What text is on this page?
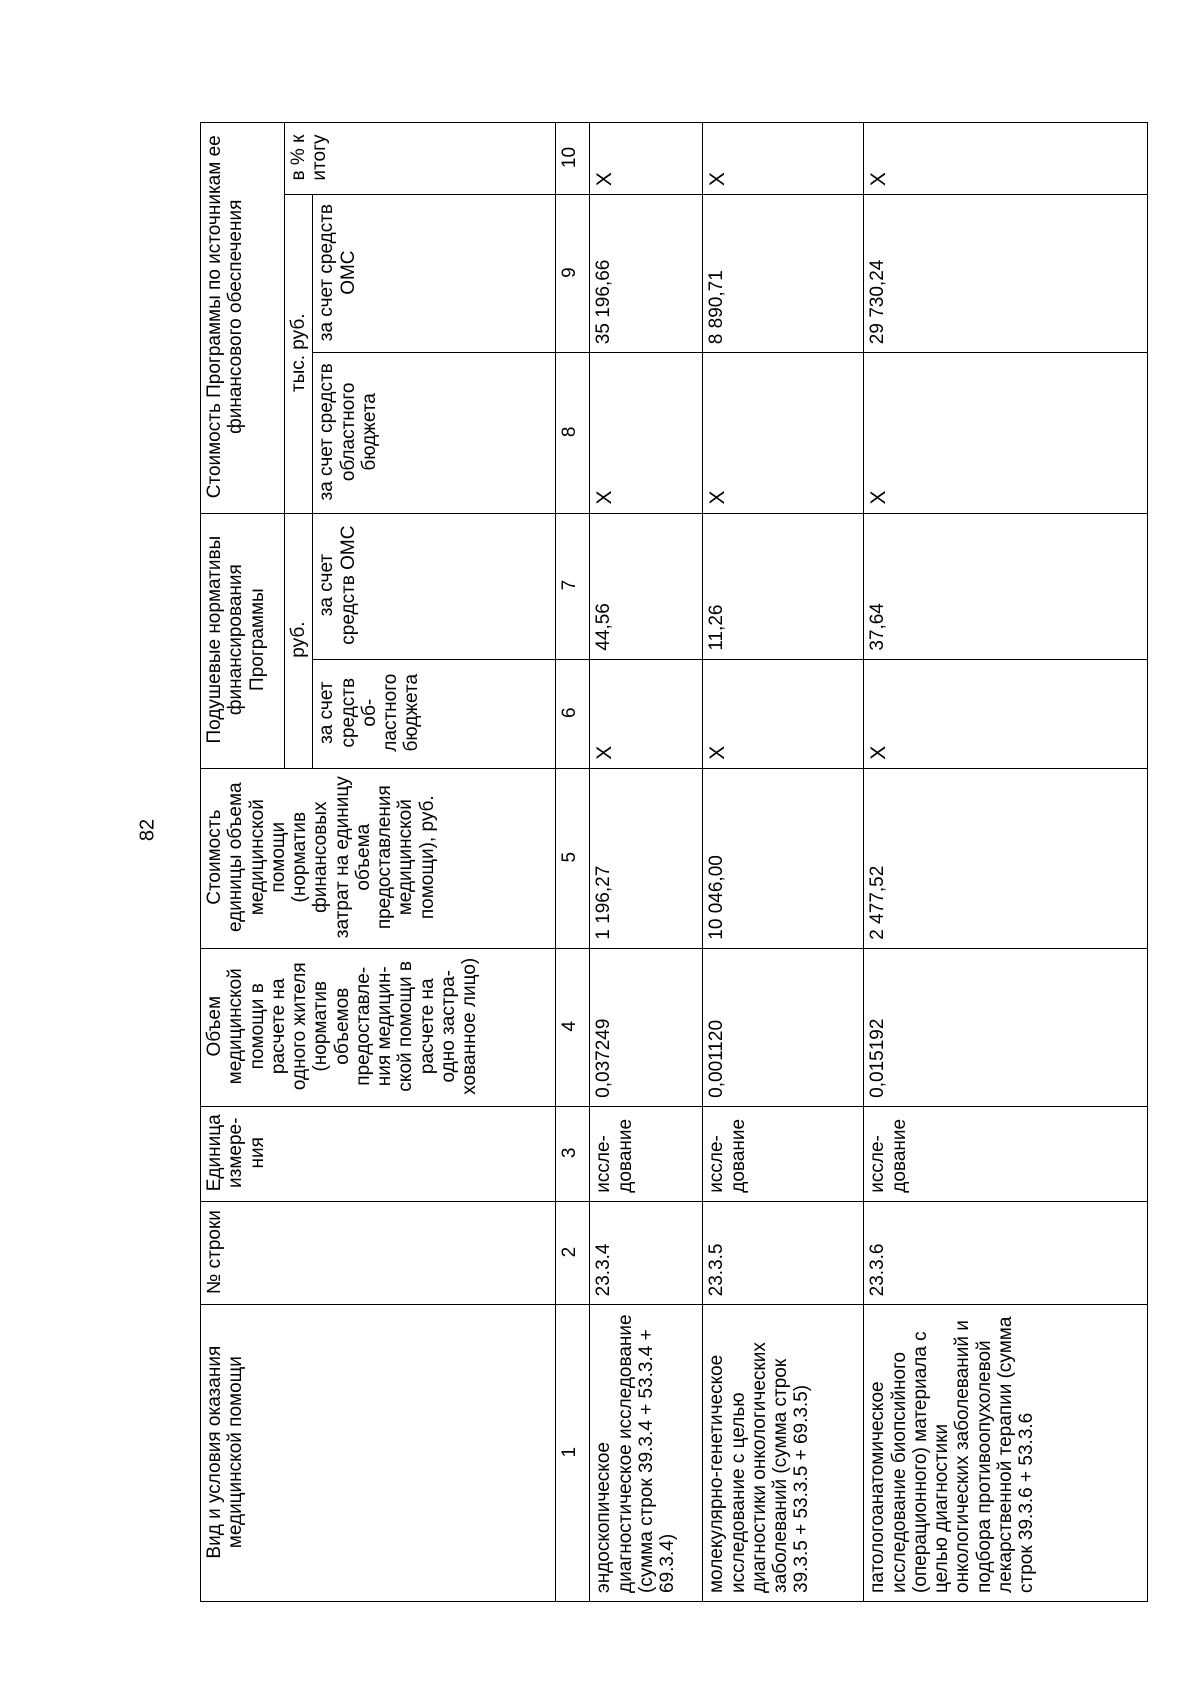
82
Вид и условия оказания медицинской помощи	№ строки	Единица измере-ния	Объем медицинской помощи в расчете на одного жителя (норматив объемов предоставле-ния медицин-ской помощи в расчете на одно застра-хованное лицо)	Стоимость единицы объема медицинской помощи (норматив финансовых затрат на единицу объема предоставления медицинской помощи), руб.	Подушевые нормативы финансирования Программы		Стоимость Программы по источникам ее финансового обеспечения		
					руб.		тыс. руб.		в % к итогу
					за счет средств об-ластного бюджета	за счет средств ОМС	за счет средств областного бюджета	за счет средств ОМС	
1	2	3	4	5	6	7	8	9	10
эндоскопическое диагностическое исследование (сумма строк 39.3.4 + 53.3.4 + 69.3.4)	23.3.4	иссле-дование	0,037249	1 196,27	X	44,56	X	35 196,66	X
молекулярно-генетическое исследование с целью диагностики онкологических заболеваний (сумма строк 39.3.5 + 53.3.5 + 69.3.5)	23.3.5	иссле-дование	0,001120	10 046,00	X	11,26	X	8 890,71	X
патологоанатомическое исследование биопсийного (операционного) материала с целью диагностики онкологических заболеваний и подбора противоопухолевой лекарственной терапии (сумма строк 39.3.6 + 53.3.6	23.3.6	иссле-дование	0,015192	2 477,52	X	37,64	X	29 730,24	X
